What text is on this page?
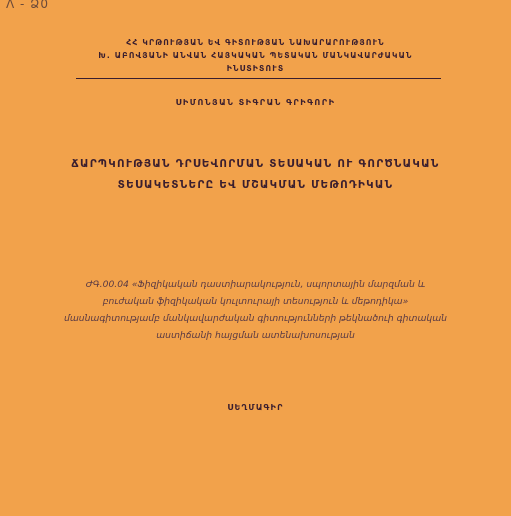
ꓥ - Ձ0
ՀՀ ԿՐԹՈՒԹՅԱՆ ԵՎ ԳԻՏՈՒԹՅԱՆ ՆԱԽԱՐԱՐՈՒԹՅՈՒՆ
Խ. ԱԲՈՎՅԱՆԻ ԱՆՎԱՆ ՀԱՅԿԱԿԱՆ ՊԵՏԱԿԱՆ ՄԱՆԿԱՎԱՐԺԱԿԱՆ
ԻՆՍՏԻՏՈՒՏ
ՍԻՄՈՆՅԱՆ ՏԻԳՐԱՆ ԳՐԻԳՈՐԻ
ՃԱՐՊԿՈՒԹՅԱՆ ԴՐՍԵՎՈՐՄԱՆ ՏԵՍԱԿԱՆ ՈՒ ԳՈՐԾՆԱԿԱՆ
ՏԵՍԱԿԵՏՆԵՐԸ ԵՎ ՄՇԱԿՄԱՆ ՄԵԹՈԴԻԿԱՆ
ԺԳ.00.04 «Ֆիզիկական դաստիարակություն, սպորտային մարզման և
բուժական ֆիզիկական կուլտուրայի տեսություն և մեթոդիկա»
մասնագիտությամբ մանկավարժական գիտությունների թեկնածուի գիտական
աստիճանի հայցման ատենախոսության
ՍԵՂՄԱԳԻՐ
